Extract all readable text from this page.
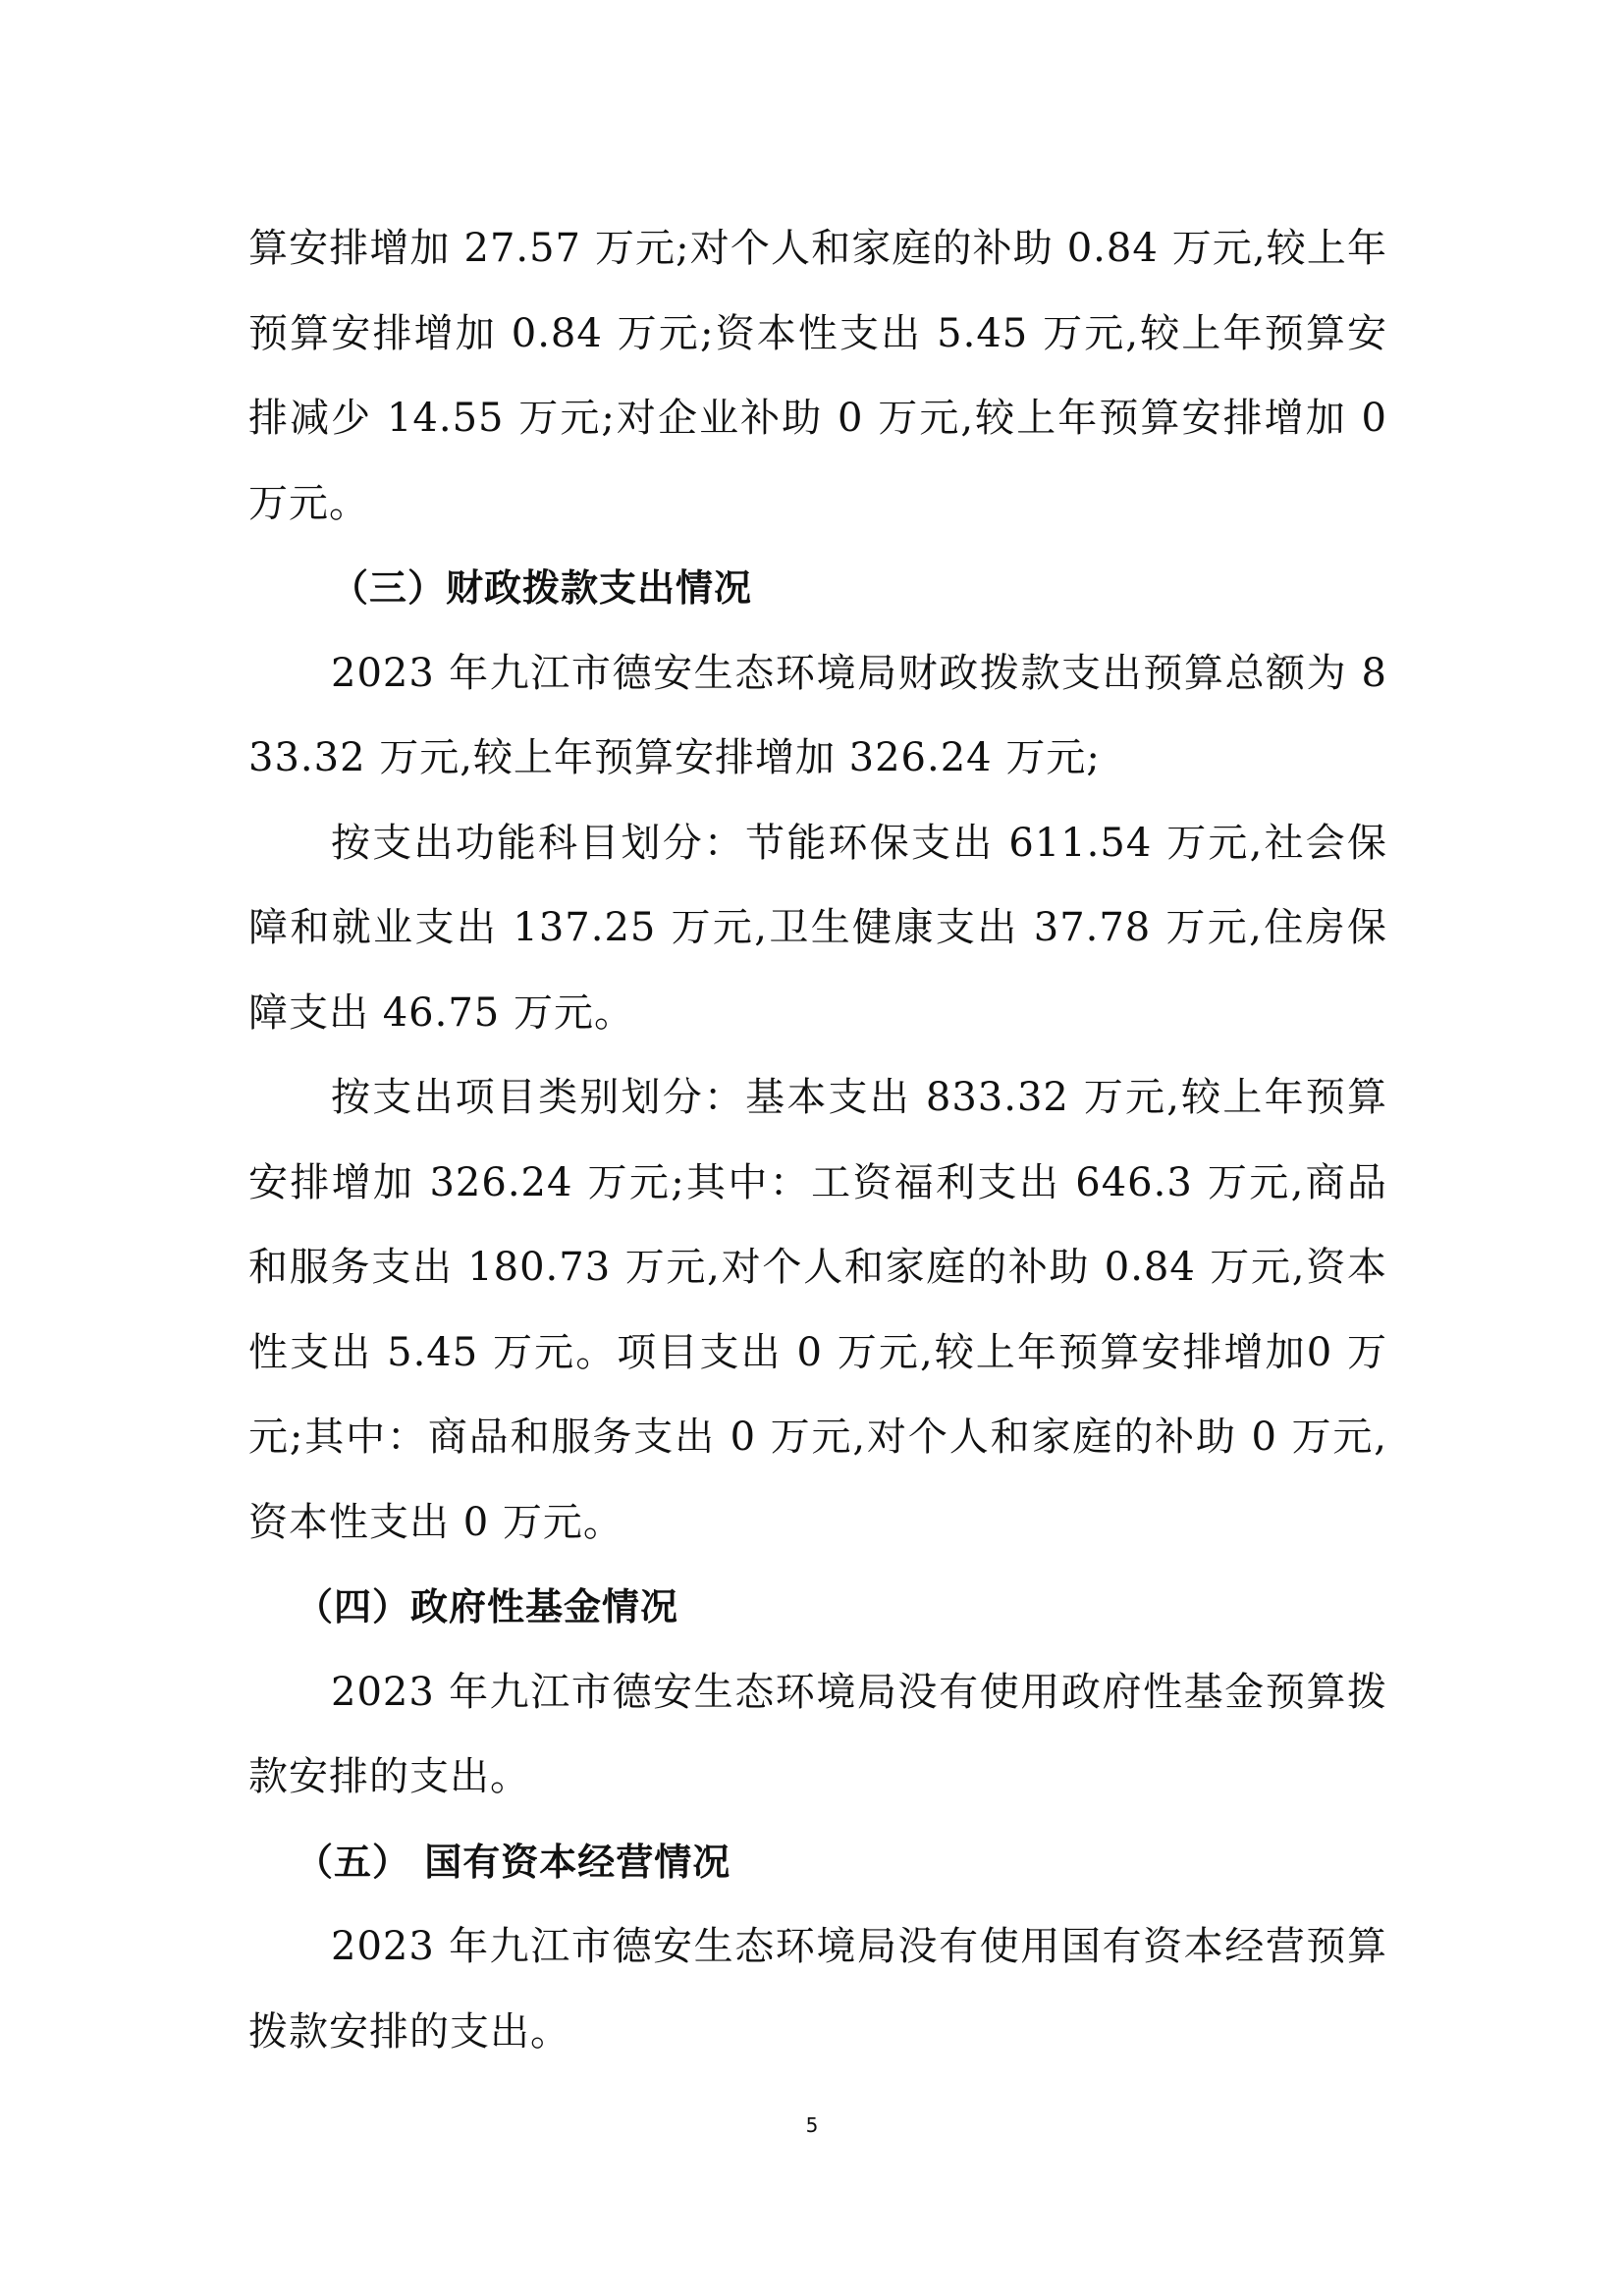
算安排增加 27.57 万元;对个人和家庭的补助 0.84 万元,较上年预算安排增加 0.84 万元;资本性支出 5.45 万元,较上年预算安排减少 14.55 万元;对企业补助 0 万元,较上年预算安排增加 0 万元。

（三）财政拨款支出情况

2023 年九江市德安生态环境局财政拨款支出预算总额为 833.32 万元,较上年预算安排增加 326.24 万元;

按支出功能科目划分：节能环保支出 611.54 万元,社会保障和就业支出 137.25 万元,卫生健康支出 37.78 万元,住房保障支出 46.75 万元。

按支出项目类别划分：基本支出 833.32 万元,较上年预算安排增加 326.24 万元;其中：工资福利支出 646.3 万元,商品和服务支出 180.73 万元,对个人和家庭的补助 0.84 万元,资本性支出 5.45 万元。项目支出 0 万元,较上年预算安排增加0 万元;其中：商品和服务支出 0 万元,对个人和家庭的补助 0 万元,资本性支出 0 万元。

（四）政府性基金情况

2023 年九江市德安生态环境局没有使用政府性基金预算拨款安排的支出。

（五） 国有资本经营情况

2023 年九江市德安生态环境局没有使用国有资本经营预算拨款安排的支出。

5
